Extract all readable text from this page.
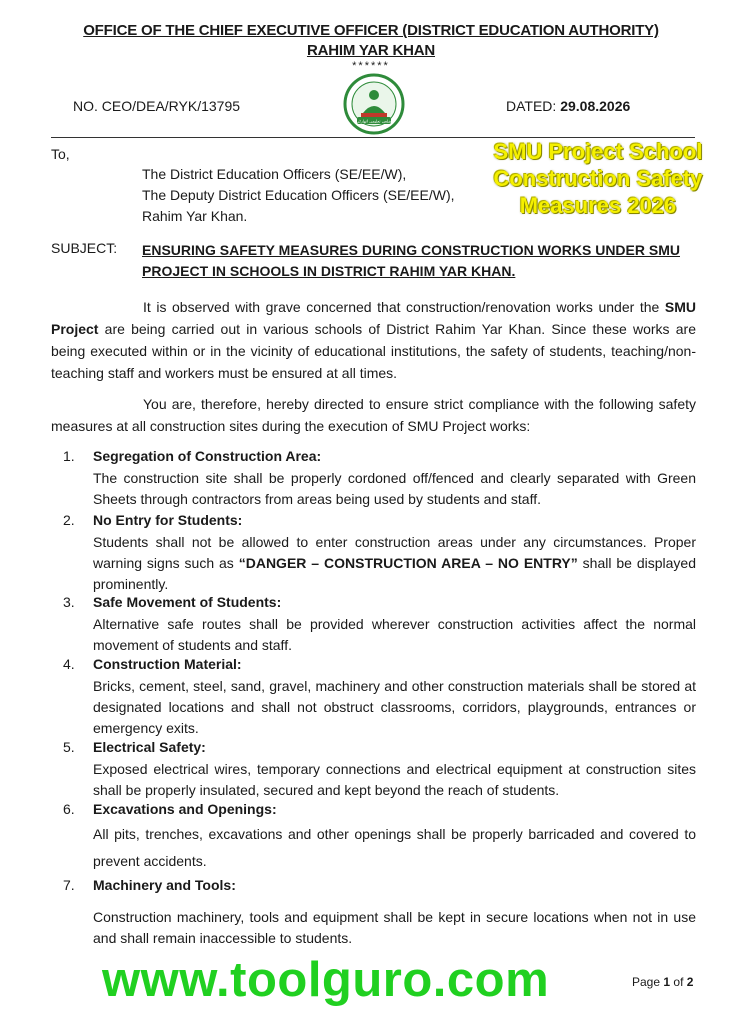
OFFICE OF THE CHIEF EXECUTIVE OFFICER (DISTRICT EDUCATION AUTHORITY)
RAHIM YAR KHAN
******
NO. CEO/DEA/RYK/13795	DATED: 29.08.2026
ضلعی تعلیمی اتھارٹی
To,
The District Education Officers (SE/EE/W),
The Deputy District Education Officers (SE/EE/W),
Rahim Yar Khan.
SMU Project School
Construction Safety
Measures 2026
SUBJECT: ENSURING SAFETY MEASURES DURING CONSTRUCTION WORKS UNDER SMU PROJECT IN SCHOOLS IN DISTRICT RAHIM YAR KHAN.
It is observed with grave concerned that construction/renovation works under the SMU Project are being carried out in various schools of District Rahim Yar Khan. Since these works are being executed within or in the vicinity of educational institutions, the safety of students, teaching/non-teaching staff and workers must be ensured at all times.
You are, therefore, hereby directed to ensure strict compliance with the following safety measures at all construction sites during the execution of SMU Project works:
1. Segregation of Construction Area:
The construction site shall be properly cordoned off/fenced and clearly separated with Green Sheets through contractors from areas being used by students and staff.
2. No Entry for Students:
Students shall not be allowed to enter construction areas under any circumstances. Proper warning signs such as “DANGER – CONSTRUCTION AREA – NO ENTRY” shall be displayed prominently.
3. Safe Movement of Students:
Alternative safe routes shall be provided wherever construction activities affect the normal movement of students and staff.
4. Construction Material:
Bricks, cement, steel, sand, gravel, machinery and other construction materials shall be stored at designated locations and shall not obstruct classrooms, corridors, playgrounds, entrances or emergency exits.
5. Electrical Safety:
Exposed electrical wires, temporary connections and electrical equipment at construction sites shall be properly insulated, secured and kept beyond the reach of students.
6. Excavations and Openings:
All pits, trenches, excavations and other openings shall be properly barricaded and covered to prevent accidents.
7. Machinery and Tools:
Construction machinery, tools and equipment shall be kept in secure locations when not in use and shall remain inaccessible to students.
www.toolguro.com	Page 1 of 2
